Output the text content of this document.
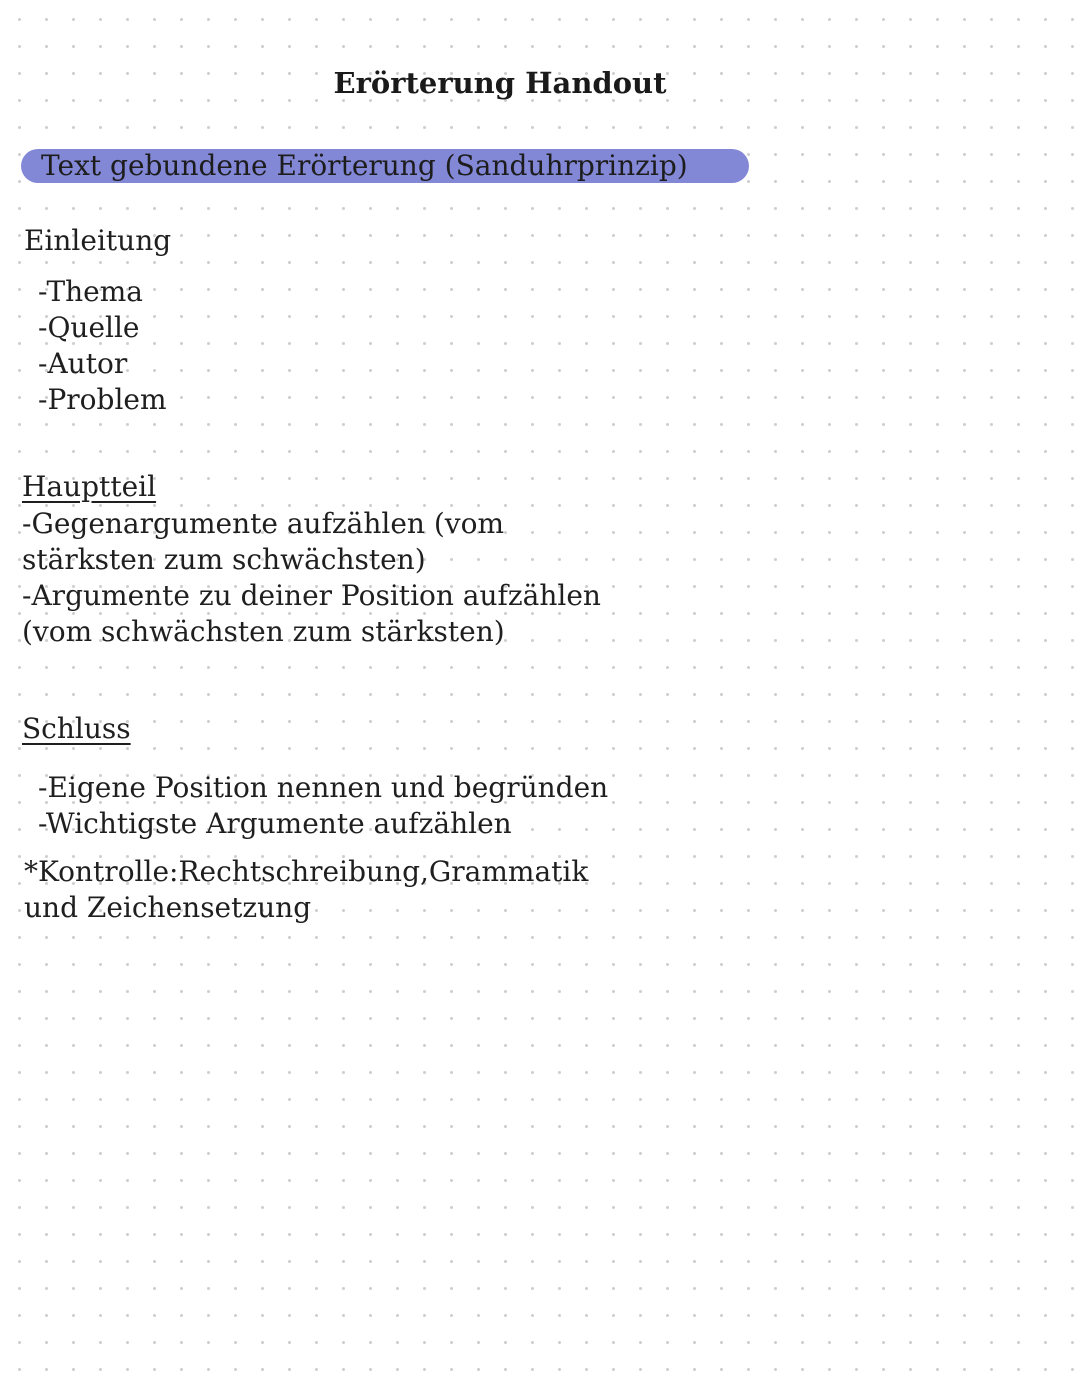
Erörterung Handout
Text gebundene Erörterung (Sanduhrprinzip)
Einleitung
-Thema
-Quelle
-Autor
-Problem
Hauptteil
-Gegenargumente aufzählen (vom
stärksten zum schwächsten)
-Argumente zu deiner Position aufzählen
(vom schwächsten zum stärksten)
Schluss
-Eigene Position nennen und begründen
-Wichtigste Argumente aufzählen
*Kontrolle:Rechtschreibung,Grammatik
und Zeichensetzung
